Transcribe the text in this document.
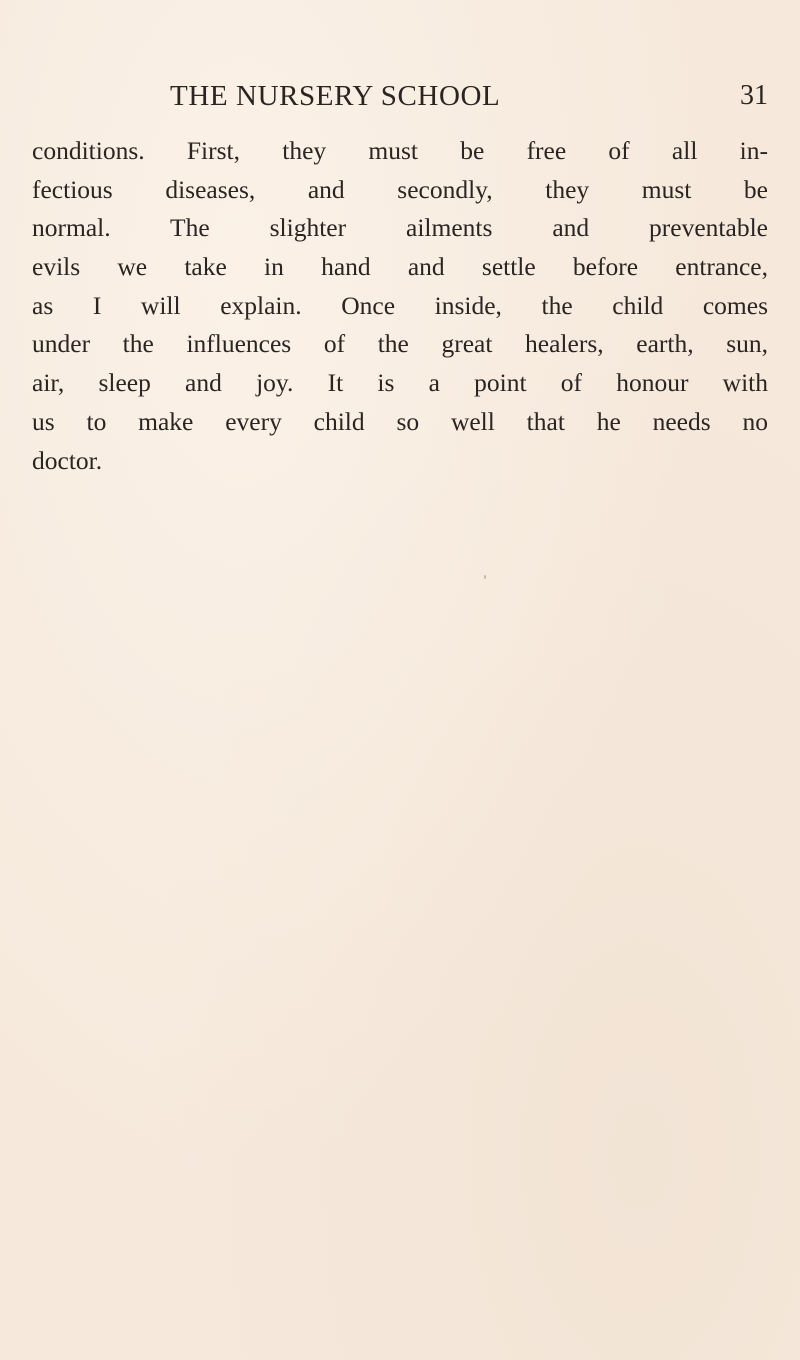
THE NURSERY SCHOOL	31
conditions. First, they must be free of all in-
fectious diseases, and secondly, they must be
normal. The slighter ailments and preventable
evils we take in hand and settle before entrance,
as I will explain. Once inside, the child comes
under the influences of the great healers, earth, sun,
air, sleep and joy. It is a point of honour with
us to make every child so well that he needs no
doctor.
